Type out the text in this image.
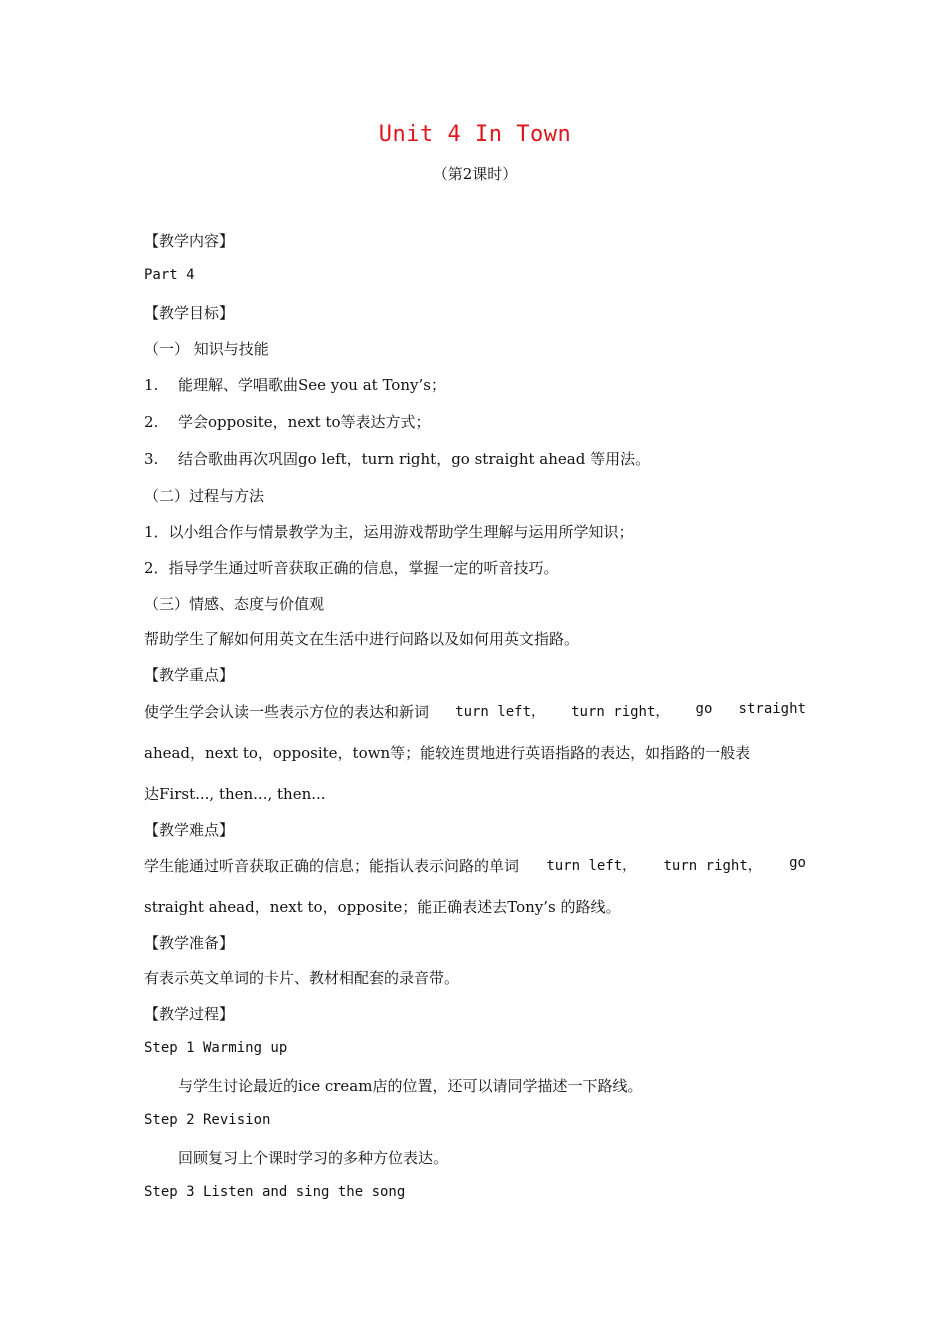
Unit 4 In Town
（第2课时）
【教学内容】
Part 4
【教学目标】
（一） 知识与技能
1. 能理解、学唱歌曲See you at Tony’s；
2. 学会opposite，next to等表达方式；
3. 结合歌曲再次巩固go left，turn right，go straight ahead 等用法。
（二）过程与方法
1．以小组合作与情景教学为主，运用游戏帮助学生理解与运用所学知识；
2．指导学生通过听音获取正确的信息，掌握一定的听音技巧。
（三）情感、态度与价值观
帮助学生了解如何用英文在生活中进行问路以及如何用英文指路。
【教学重点】
使学生学会认读一些表示方位的表达和新词 turn left， turn right， go straight
ahead，next to，opposite，town等；能较连贯地进行英语指路的表达，如指路的一般表
达First..., then..., then...
【教学难点】
学生能通过听音获取正确的信息；能指认表示问路的单词 turn left， turn right， go
straight ahead，next to，opposite；能正确表述去Tony’s 的路线。
【教学准备】
有表示英文单词的卡片、教材相配套的录音带。
【教学过程】
Step 1 Warming up
与学生讨论最近的ice cream店的位置，还可以请同学描述一下路线。
Step 2 Revision
回顾复习上个课时学习的多种方位表达。
Step 3 Listen and sing the song
